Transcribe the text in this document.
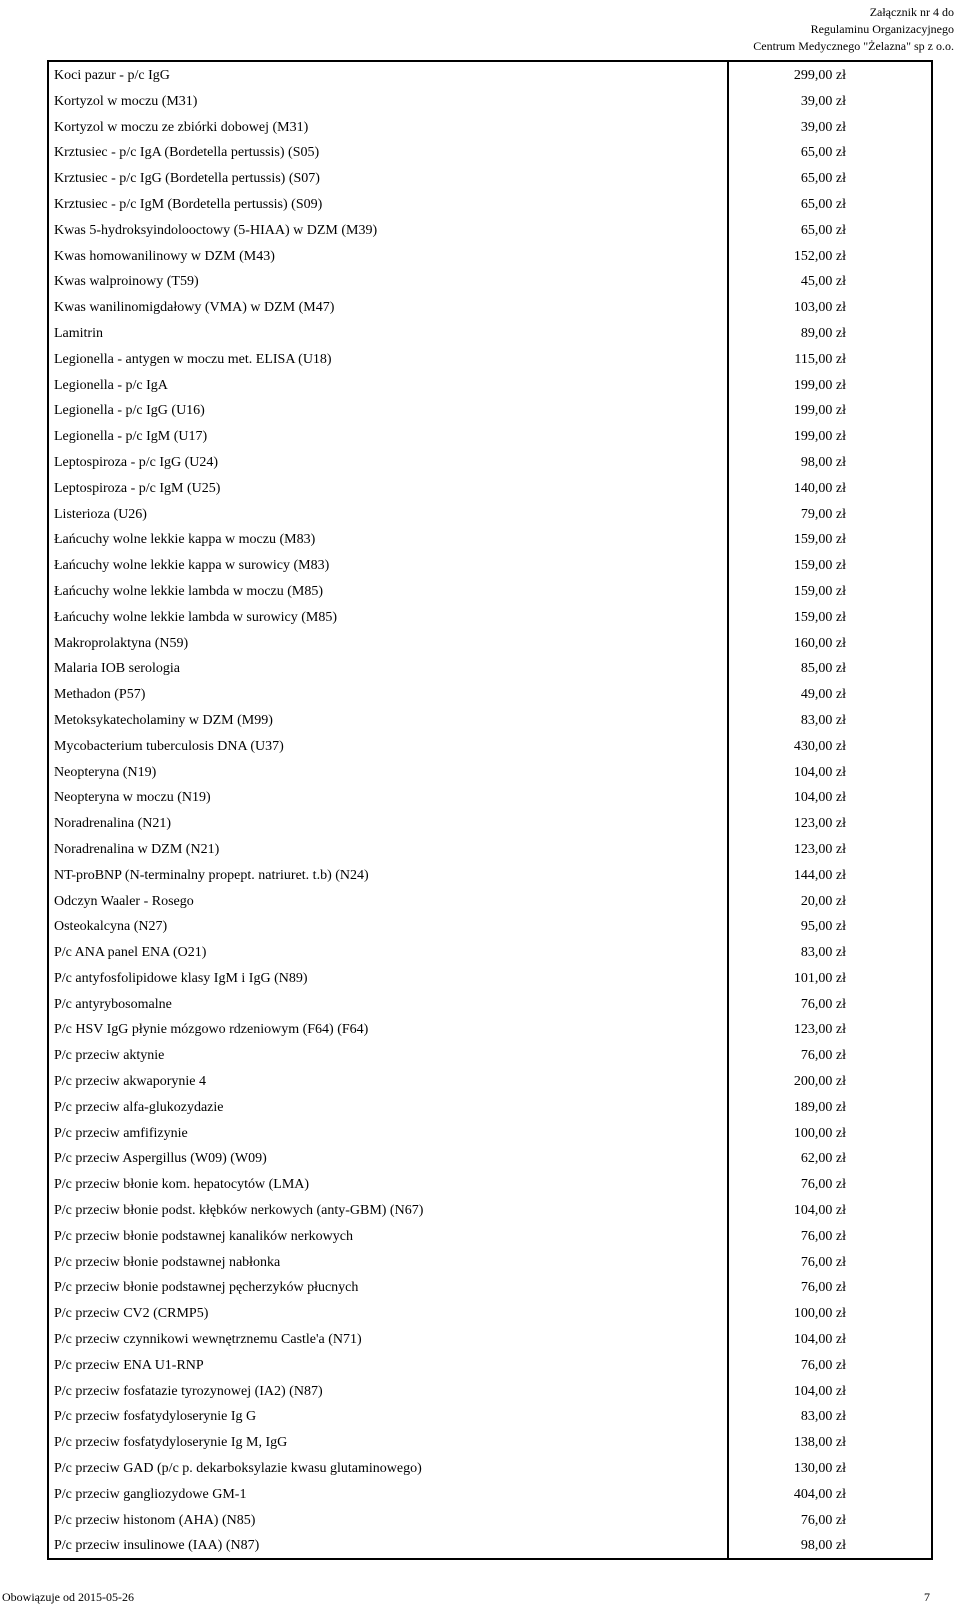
Załącznik nr 4 do
Regulaminu Organizacyjnego
Centrum Medycznego "Żelazna" sp z o.o.
Koci pazur - p/c IgG	299,00 zł
Kortyzol w moczu (M31)	39,00 zł
Kortyzol w moczu ze zbiórki dobowej (M31)	39,00 zł
Krztusiec - p/c IgA (Bordetella pertussis) (S05)	65,00 zł
Krztusiec - p/c IgG (Bordetella pertussis) (S07)	65,00 zł
Krztusiec - p/c IgM (Bordetella pertussis) (S09)	65,00 zł
Kwas 5-hydroksyindolooctowy (5-HIAA) w DZM (M39)	65,00 zł
Kwas homowanilinowy w DZM (M43)	152,00 zł
Kwas walproinowy (T59)	45,00 zł
Kwas wanilinomigdałowy (VMA) w DZM (M47)	103,00 zł
Lamitrin	89,00 zł
Legionella - antygen w moczu met. ELISA (U18)	115,00 zł
Legionella - p/c IgA	199,00 zł
Legionella - p/c IgG (U16)	199,00 zł
Legionella - p/c IgM (U17)	199,00 zł
Leptospiroza - p/c IgG (U24)	98,00 zł
Leptospiroza - p/c IgM (U25)	140,00 zł
Listerioza (U26)	79,00 zł
Łańcuchy wolne lekkie kappa w moczu (M83)	159,00 zł
Łańcuchy wolne lekkie kappa w surowicy (M83)	159,00 zł
Łańcuchy wolne lekkie lambda w moczu (M85)	159,00 zł
Łańcuchy wolne lekkie lambda w surowicy (M85)	159,00 zł
Makroprolaktyna (N59)	160,00 zł
Malaria IOB serologia	85,00 zł
Methadon (P57)	49,00 zł
Metoksykatecholaminy w DZM (M99)	83,00 zł
Mycobacterium tuberculosis DNA (U37)	430,00 zł
Neopteryna (N19)	104,00 zł
Neopteryna w moczu (N19)	104,00 zł
Noradrenalina (N21)	123,00 zł
Noradrenalina w DZM (N21)	123,00 zł
NT-proBNP (N-terminalny propept. natriuret. t.b) (N24)	144,00 zł
Odczyn Waaler - Rosego	20,00 zł
Osteokalcyna (N27)	95,00 zł
P/c ANA panel ENA (O21)	83,00 zł
P/c antyfosfolipidowe klasy IgM i IgG (N89)	101,00 zł
P/c antyrybosomalne	76,00 zł
P/c HSV IgG płynie mózgowo rdzeniowym (F64) (F64)	123,00 zł
P/c przeciw aktynie	76,00 zł
P/c przeciw akwaporynie 4	200,00 zł
P/c przeciw alfa-glukozydazie	189,00 zł
P/c przeciw amfifizynie	100,00 zł
P/c przeciw Aspergillus (W09) (W09)	62,00 zł
P/c przeciw błonie kom. hepatocytów (LMA)	76,00 zł
P/c przeciw błonie podst. kłębków nerkowych (anty-GBM) (N67)	104,00 zł
P/c przeciw błonie podstawnej kanalików nerkowych	76,00 zł
P/c przeciw błonie podstawnej nabłonka	76,00 zł
P/c przeciw błonie podstawnej pęcherzyków płucnych	76,00 zł
P/c przeciw CV2 (CRMP5)	100,00 zł
P/c przeciw czynnikowi wewnętrznemu Castle'a (N71)	104,00 zł
P/c przeciw ENA U1-RNP	76,00 zł
P/c przeciw fosfatazie tyrozynowej (IA2) (N87)	104,00 zł
P/c przeciw fosfatydyloserynie Ig G	83,00 zł
P/c przeciw fosfatydyloserynie Ig M, IgG	138,00 zł
P/c przeciw GAD (p/c p. dekarboksylazie kwasu glutaminowego)	130,00 zł
P/c przeciw gangliozydowe GM-1	404,00 zł
P/c przeciw histonom (AHA) (N85)	76,00 zł
P/c przeciw insulinowe (IAA) (N87)	98,00 zł
Obowiązuje od 2015-05-26	7
